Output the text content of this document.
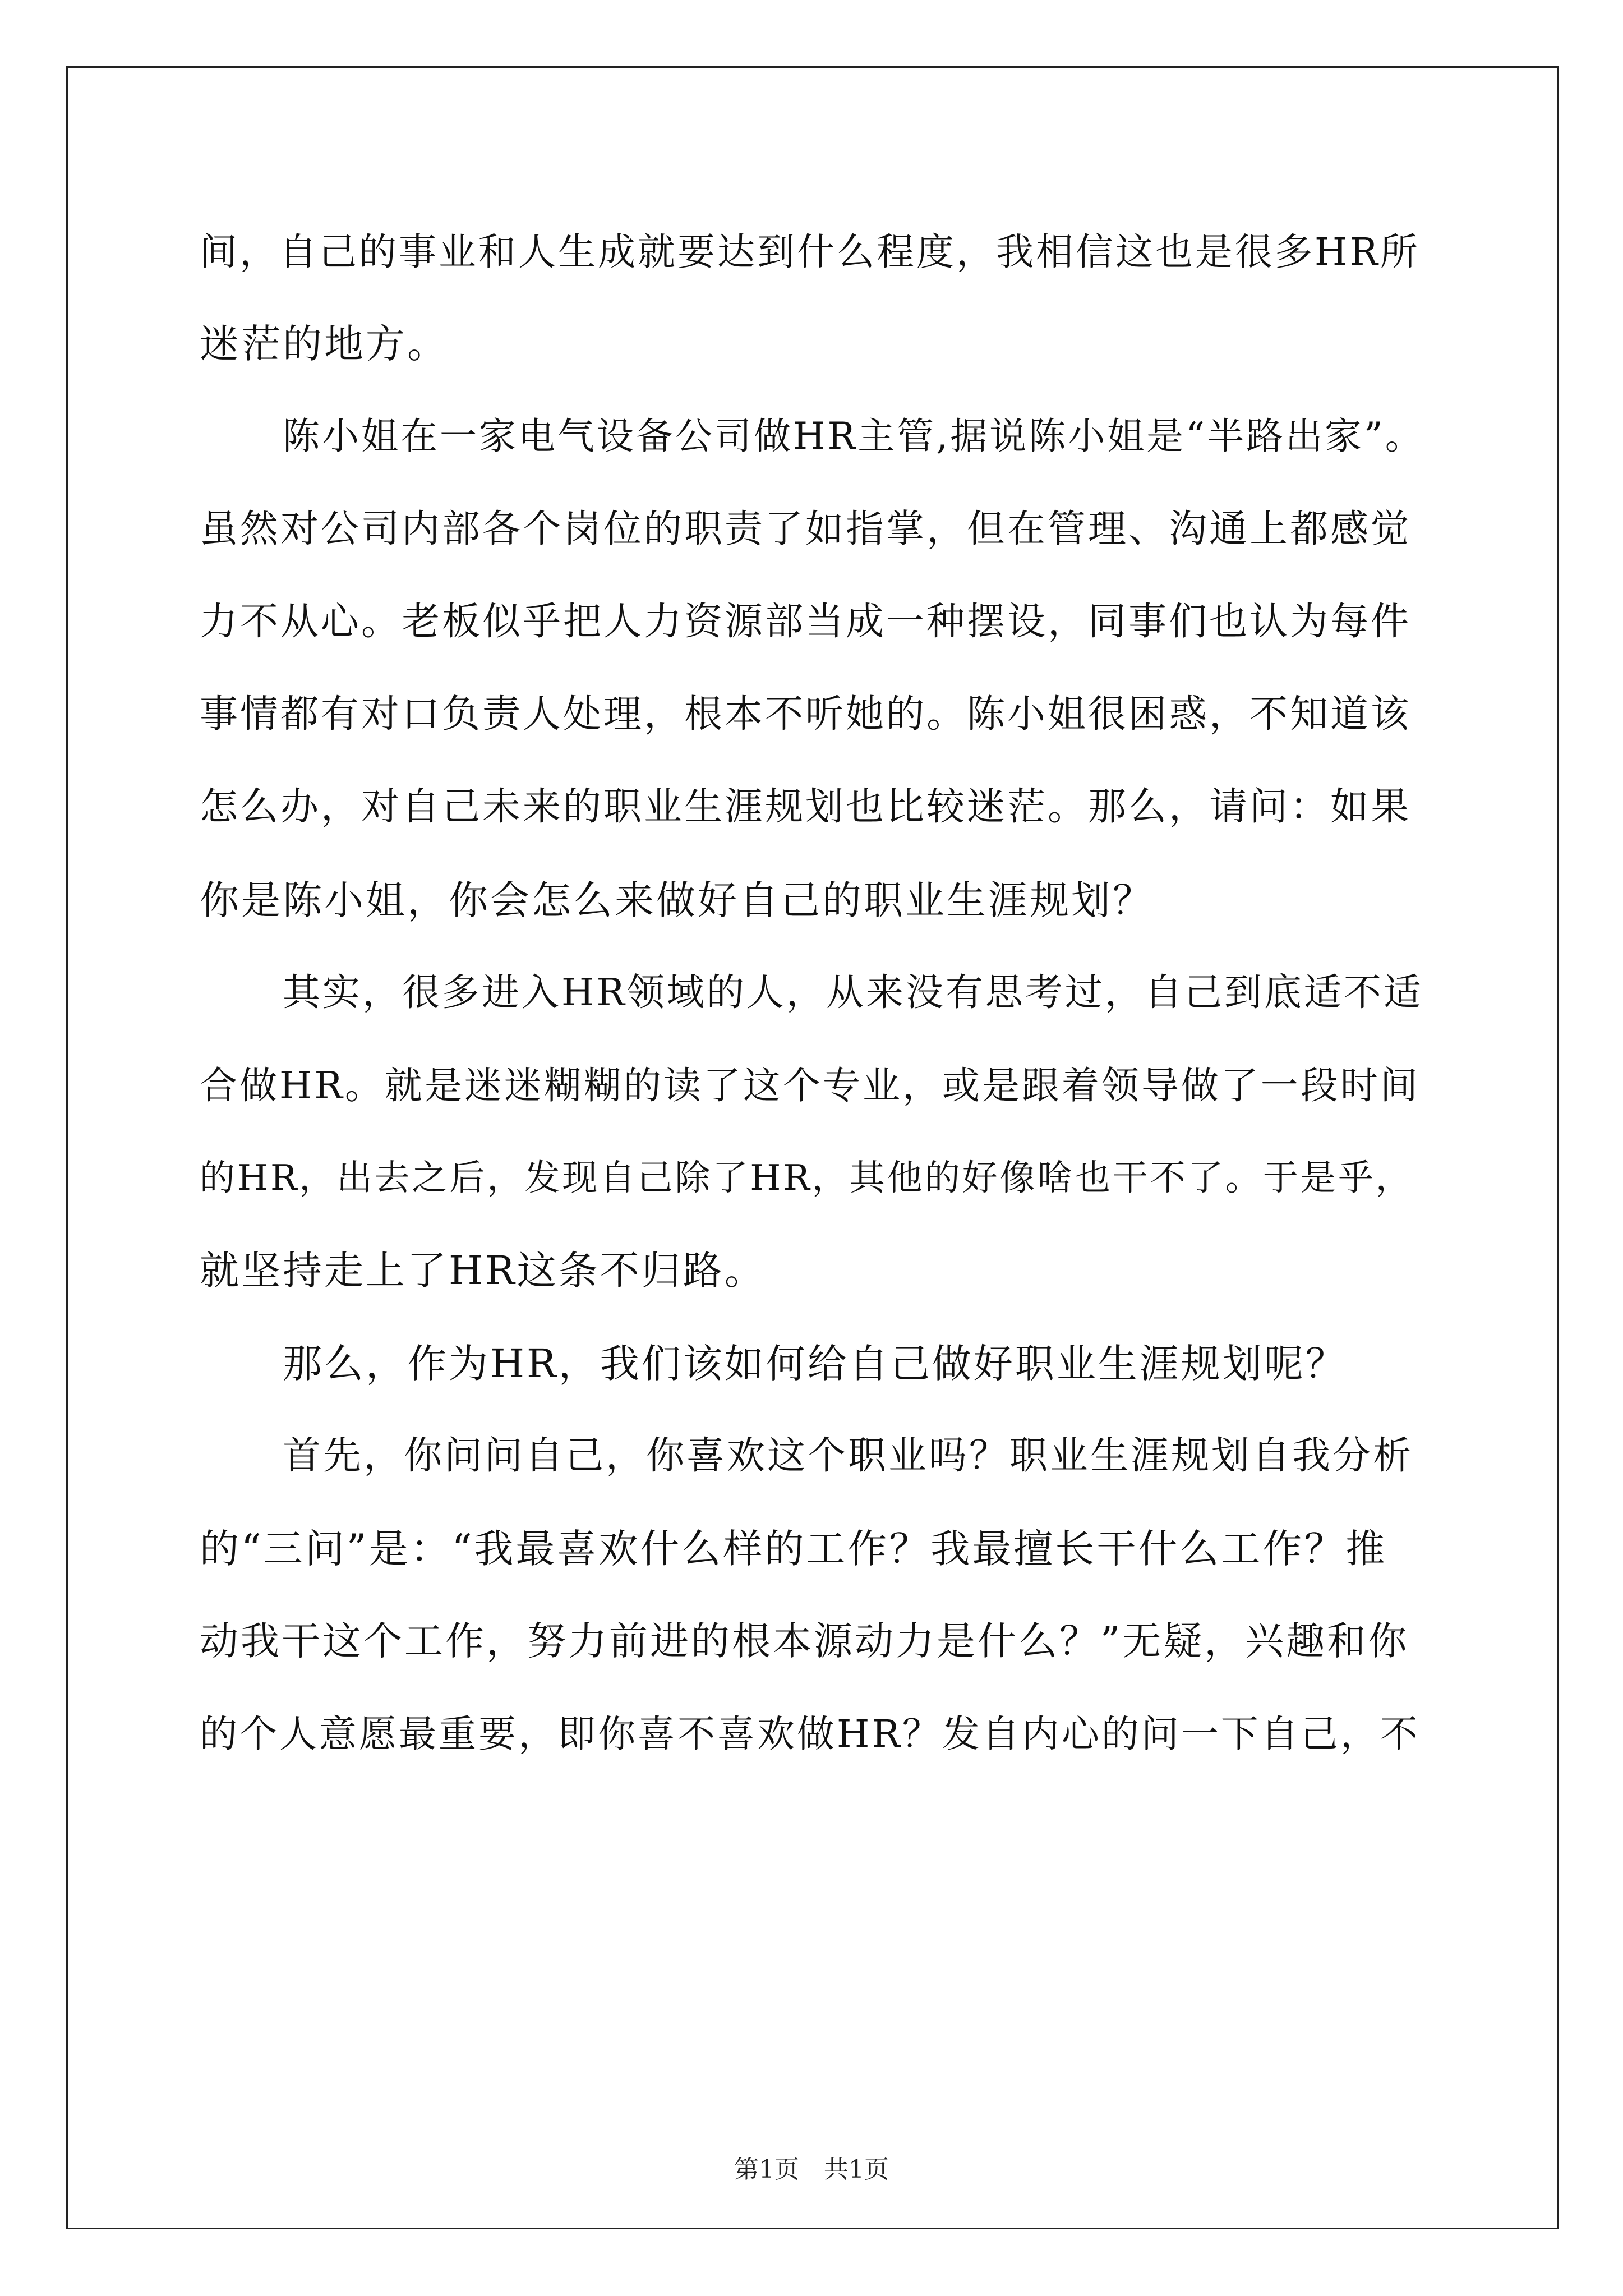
间，自己的事业和人生成就要达到什么程度，我相信这也是很多HR所
迷茫的地方。
陈小姐在一家电气设备公司做HR主管,据说陈小姐是“半路出家”。
虽然对公司内部各个岗位的职责了如指掌，但在管理、沟通上都感觉
力不从心。老板似乎把人力资源部当成一种摆设，同事们也认为每件
事情都有对口负责人处理，根本不听她的。陈小姐很困惑，不知道该
怎么办，对自己未来的职业生涯规划也比较迷茫。那么，请问：如果
你是陈小姐，你会怎么来做好自己的职业生涯规划？
其实，很多进入HR领域的人，从来没有思考过，自己到底适不适
合做HR。就是迷迷糊糊的读了这个专业，或是跟着领导做了一段时间
的HR，出去之后，发现自己除了HR，其他的好像啥也干不了。于是乎，
就坚持走上了HR这条不归路。
那么，作为HR，我们该如何给自己做好职业生涯规划呢？
首先，你问问自己，你喜欢这个职业吗？职业生涯规划自我分析
的“三问”是：“我最喜欢什么样的工作？我最擅长干什么工作？推
动我干这个工作，努力前进的根本源动力是什么？”无疑，兴趣和你
的个人意愿最重要，即你喜不喜欢做HR？发自内心的问一下自己，不
第1页　共1页
